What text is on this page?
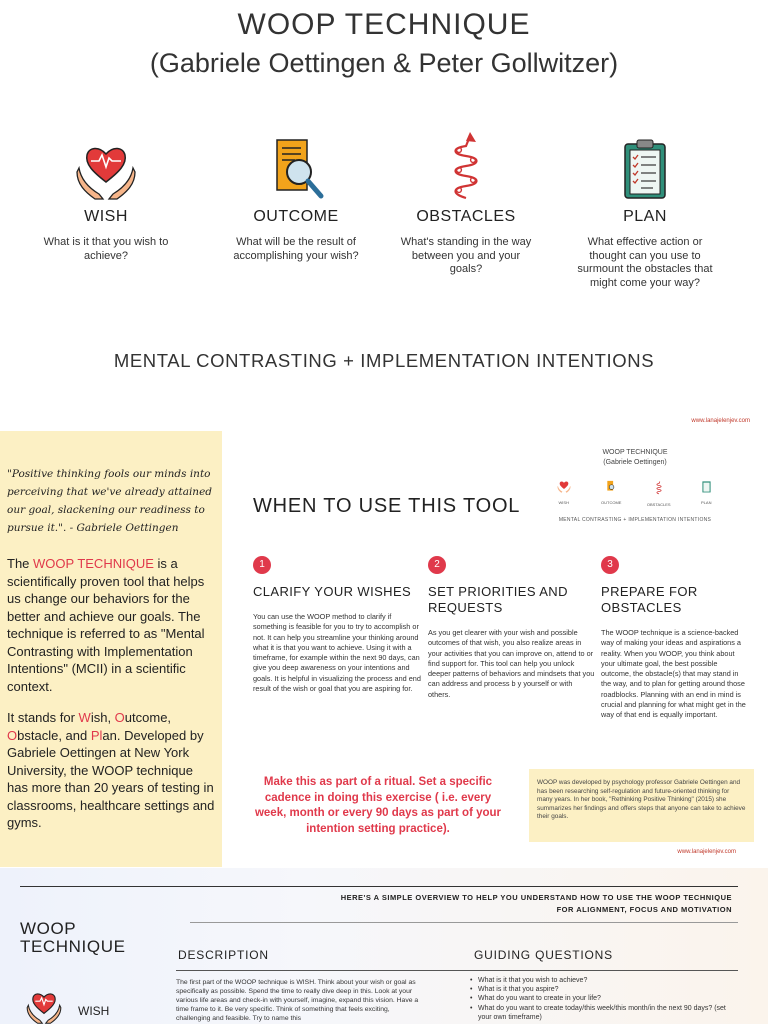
WOOP TECHNIQUE
(Gabriele Oettingen & Peter Gollwitzer)
WISH
What is it that you wish to achieve?
OUTCOME
What will be the result of accomplishing your wish?
OBSTACLES
What's standing in the way between you and your goals?
PLAN
What effective action or thought can you use to surmount the obstacles that might come your way?
MENTAL CONTRASTING + IMPLEMENTATION INTENTIONS
www.lanajelenjev.com
"Positive thinking fools our minds into perceiving that we've already attained our goal, slackening our readiness to pursue it.". - Gabriele Oettingen
The WOOP TECHNIQUE is a scientifically proven tool that helps us change our behaviors for the better and achieve our goals. The technique is referred to as "Mental Contrasting with Implementation Intentions" (MCII) in a scientific context.
It stands for Wish, Outcome, Obstacle, and Plan. Developed by Gabriele Oettingen at New York University, the WOOP technique has more than 20 years of testing in classrooms, healthcare settings and gyms.
WHEN TO USE THIS TOOL
WOOP TECHNIQUE
(Gabriele Oettingen)
WISH	OUTCOME	OBSTACLES	PLAN
MENTAL CONTRASTING + IMPLEMENTATION INTENTIONS
1
CLARIFY YOUR WISHES
You can use the WOOP method to clarify if something is feasible for you to try to accomplish or not. It can help you streamline your thinking around what it is that you want to achieve. Using it with a timeframe, for example within the next 90 days, can give you deep awareness on your intentions and goals. It is helpful in visualizing the process and end result of the wish or goal that you are aspiring for.
2
SET PRIORITIES AND REQUESTS
As you get clearer with your wish and possible outcomes of that wish, you also realize areas in your activities that you can improve on, attend to or find support for. This tool can help you unlock deeper patterns of behaviors and mindsets that you can address and process b y yourself or with others.
3
PREPARE FOR OBSTACLES
The WOOP technique is a science-backed way of making your ideas and aspirations a reality. When you WOOP, you think about your ultimate goal, the best possible outcome, the obstacle(s) that may stand in the way, and to plan for getting around those roadblocks. Planning with an end in mind is crucial and planning for what might get in the way of that end is equally important.
Make this as part of a ritual. Set a specific cadence in doing this exercise ( i.e. every week, month or every 90 days as part of your intention setting practice).
WOOP was developed by psychology professor Gabriele Oettingen and has been researching self-regulation and future-oriented thinking for many years. In her book, "Rethinking Positive Thinking" (2015) she summarizes her findings and offers steps that anyone can take to achieve their goals.
www.lanajelenjev.com
HERE'S A SIMPLE OVERVIEW TO HELP YOU UNDERSTAND HOW TO USE THE WOOP TECHNIQUE
FOR ALIGNMENT, FOCUS AND MOTIVATION
WOOP
TECHNIQUE	DESCRIPTION	GUIDING QUESTIONS
The first part of the WOOP technique is WISH. Think about your wish or goal as specifically as possible. Spend the time to really dive deep in this. Look at your various life areas and check-in with yourself, imagine, expand this vision. Have a time frame to it. Be very specific. Think of something that feels exciting, challenging and feasible. Try to name this
• What is it that you wish to achieve?
• What is it that you aspire?
• What do you want to create in your life?
• What do you want to create today/this week/this month/in the next 90 days? (set your own timeframe)
WISH
